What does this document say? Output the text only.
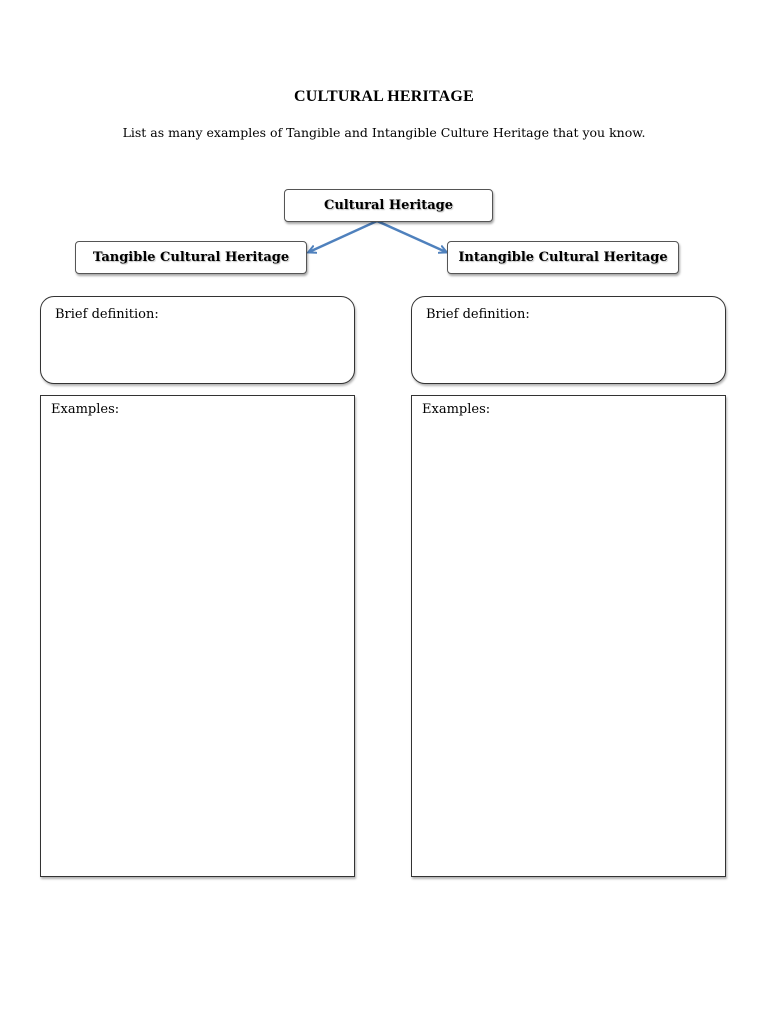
CULTURAL HERITAGE
List as many examples of Tangible and Intangible Culture Heritage that you know.
Cultural Heritage
Tangible Cultural Heritage	Intangible Cultural Heritage
Brief definition:	Brief definition:
Examples:	Examples:
